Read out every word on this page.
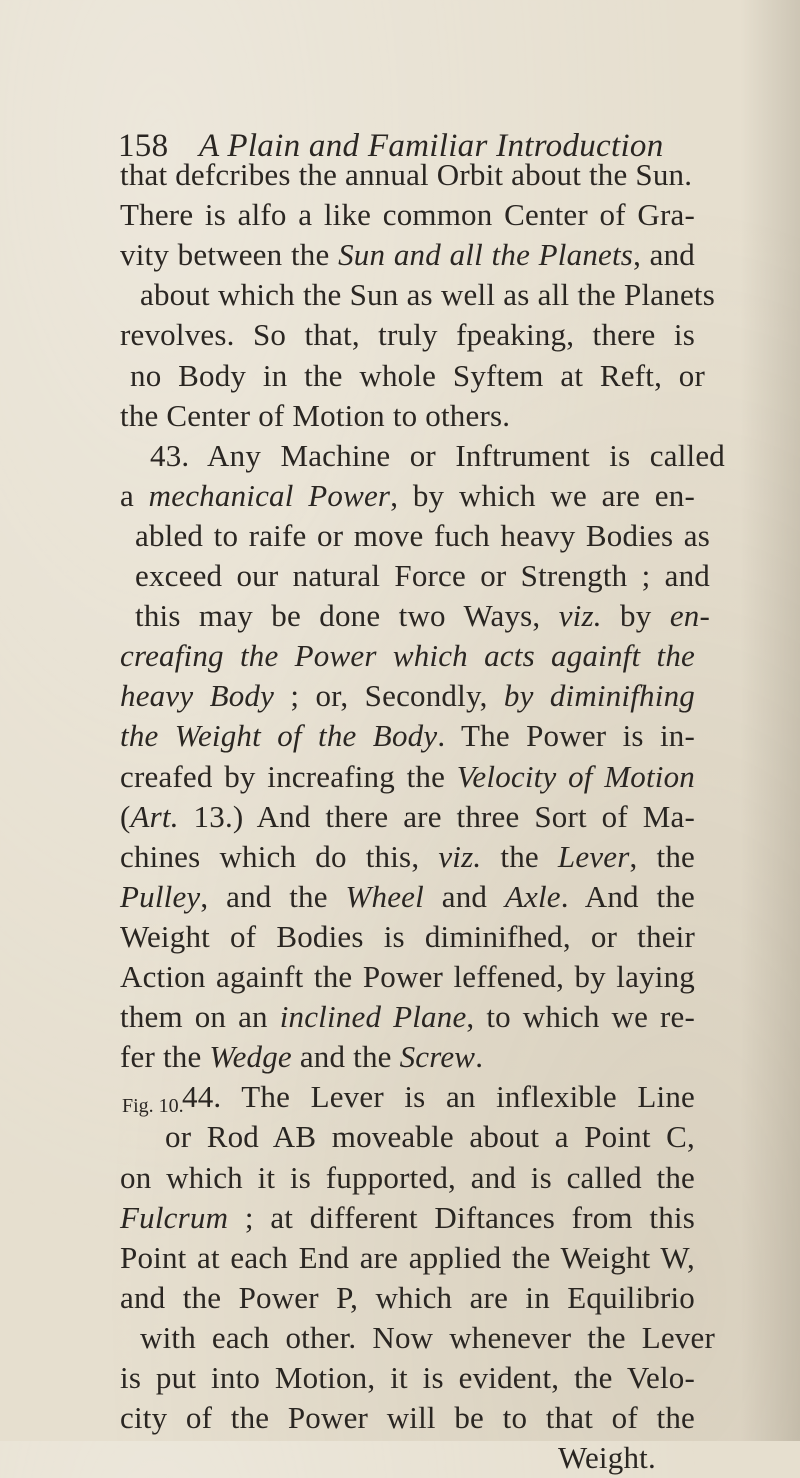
158 A Plain and Familiar Introduction
Fig. 10.
that defcribes the annual Orbit about the Sun.
There is alfo a like common Center of Gra-
vity between the Sun and all the Planets, and
about which the Sun as well as all the Planets
revolves. So that, truly fpeaking, there is
no Body in the whole Syftem at Reft, or
the Center of Motion to others.
43. Any Machine or Inftrument is called
a mechanical Power, by which we are en-
abled to raife or move fuch heavy Bodies as
exceed our natural Force or Strength ; and
this may be done two Ways, viz. by en-
creafing the Power which acts againft the
heavy Body ; or, Secondly, by diminifhing
the Weight of the Body. The Power is in-
creafed by increafing the Velocity of Motion
(Art. 13.) And there are three Sort of Ma-
chines which do this, viz. the Lever, the
Pulley, and the Wheel and Axle. And the
Weight of Bodies is diminifhed, or their
Action againft the Power leffened, by laying
them on an inclined Plane, to which we re-
fer the Wedge and the Screw.
44. The Lever is an inflexible Line
or Rod AB moveable about a Point C,
on which it is fupported, and is called the
Fulcrum ; at different Diftances from this
Point at each End are applied the Weight W,
and the Power P, which are in Equilibrio
with each other. Now whenever the Lever
is put into Motion, it is evident, the Velo-
city of the Power will be to that of the
Weight.
